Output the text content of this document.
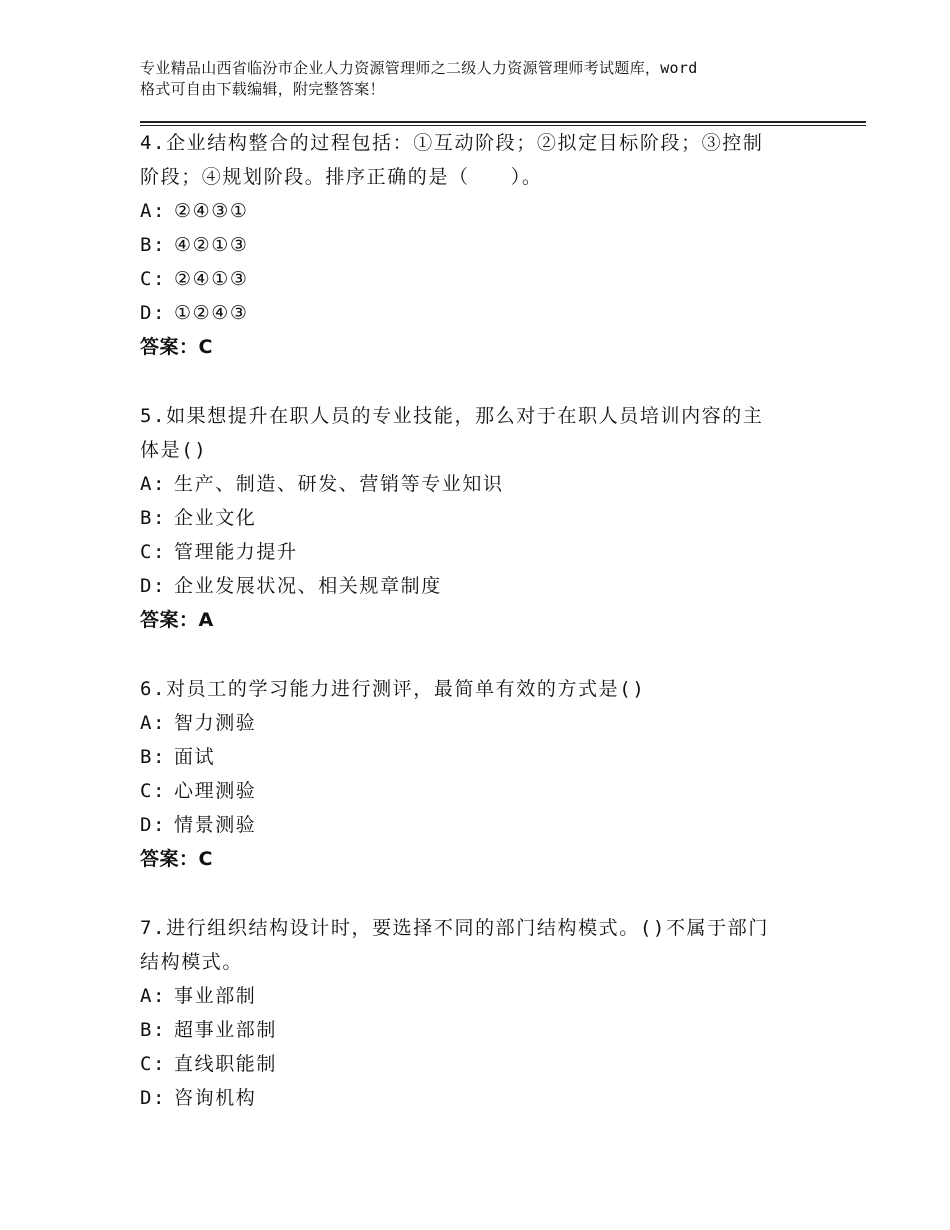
专业精品山西省临汾市企业人力资源管理师之二级人力资源管理师考试题库，word
格式可自由下载编辑，附完整答案！
4.企业结构整合的过程包括：①互动阶段；②拟定目标阶段；③控制
阶段；④规划阶段。排序正确的是（　　）。
A: ②④③①
B: ④②①③
C: ②④①③
D: ①②④③
答案：C
5.如果想提升在职人员的专业技能，那么对于在职人员培训内容的主
体是()
A: 生产、制造、研发、营销等专业知识
B: 企业文化
C: 管理能力提升
D: 企业发展状况、相关规章制度
答案：A
6.对员工的学习能力进行测评，最简单有效的方式是()
A: 智力测验
B: 面试
C: 心理测验
D: 情景测验
答案：C
7.进行组织结构设计时，要选择不同的部门结构模式。()不属于部门
结构模式。
A: 事业部制
B: 超事业部制
C: 直线职能制
D: 咨询机构
